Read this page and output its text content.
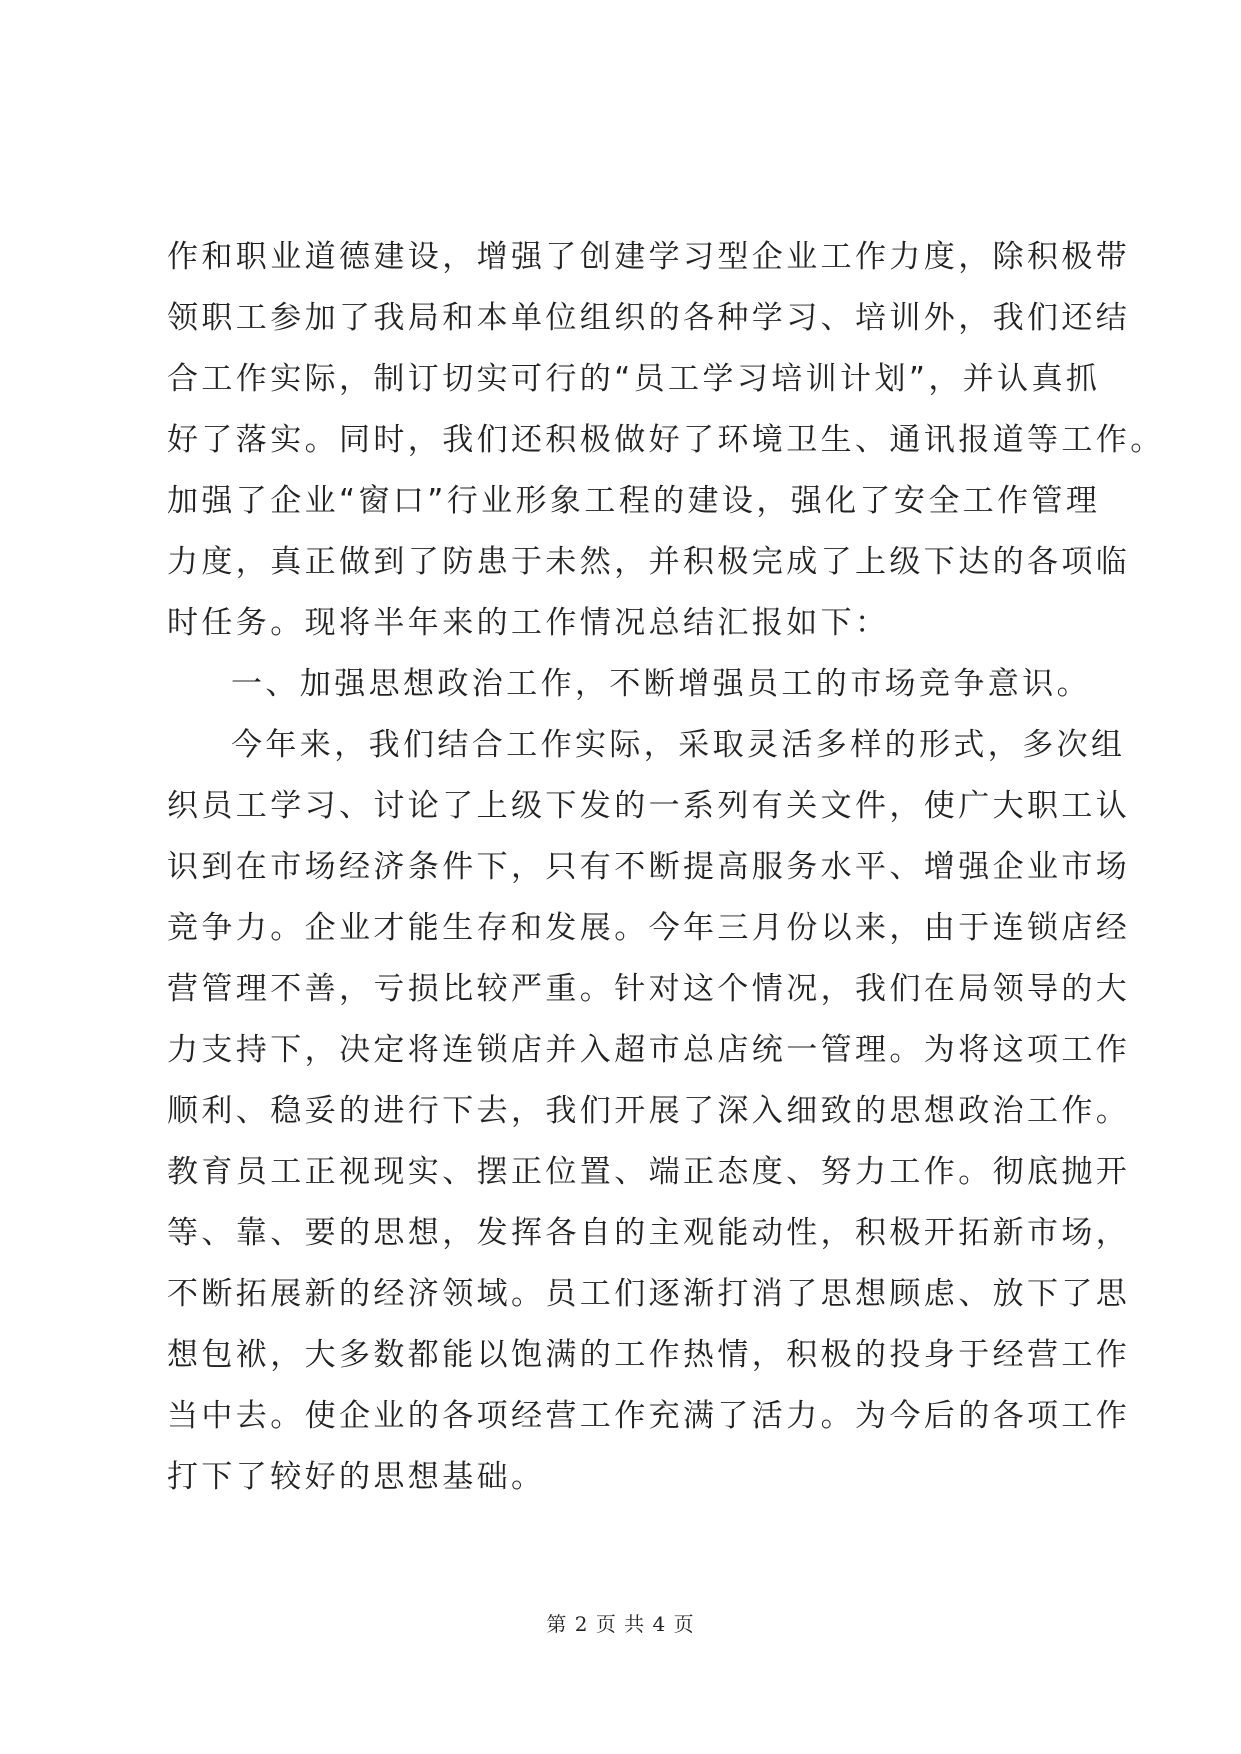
作和职业道德建设，增强了创建学习型企业工作力度，除积极带
领职工参加了我局和本单位组织的各种学习、培训外，我们还结
合工作实际，制订切实可行的“员工学习培训计划”，并认真抓
好了落实。同时，我们还积极做好了环境卫生、通讯报道等工作。
加强了企业“窗口”行业形象工程的建设，强化了安全工作管理
力度，真正做到了防患于未然，并积极完成了上级下达的各项临
时任务。现将半年来的工作情况总结汇报如下：
一、加强思想政治工作，不断增强员工的市场竞争意识。
今年来，我们结合工作实际，采取灵活多样的形式，多次组
织员工学习、讨论了上级下发的一系列有关文件，使广大职工认
识到在市场经济条件下，只有不断提高服务水平、增强企业市场
竞争力。企业才能生存和发展。今年三月份以来，由于连锁店经
营管理不善，亏损比较严重。针对这个情况，我们在局领导的大
力支持下，决定将连锁店并入超市总店统一管理。为将这项工作
顺利、稳妥的进行下去，我们开展了深入细致的思想政治工作。
教育员工正视现实、摆正位置、端正态度、努力工作。彻底抛开
等、靠、要的思想，发挥各自的主观能动性，积极开拓新市场，
不断拓展新的经济领域。员工们逐渐打消了思想顾虑、放下了思
想包袱，大多数都能以饱满的工作热情，积极的投身于经营工作
当中去。使企业的各项经营工作充满了活力。为今后的各项工作
打下了较好的思想基础。
第 2 页 共 4 页
